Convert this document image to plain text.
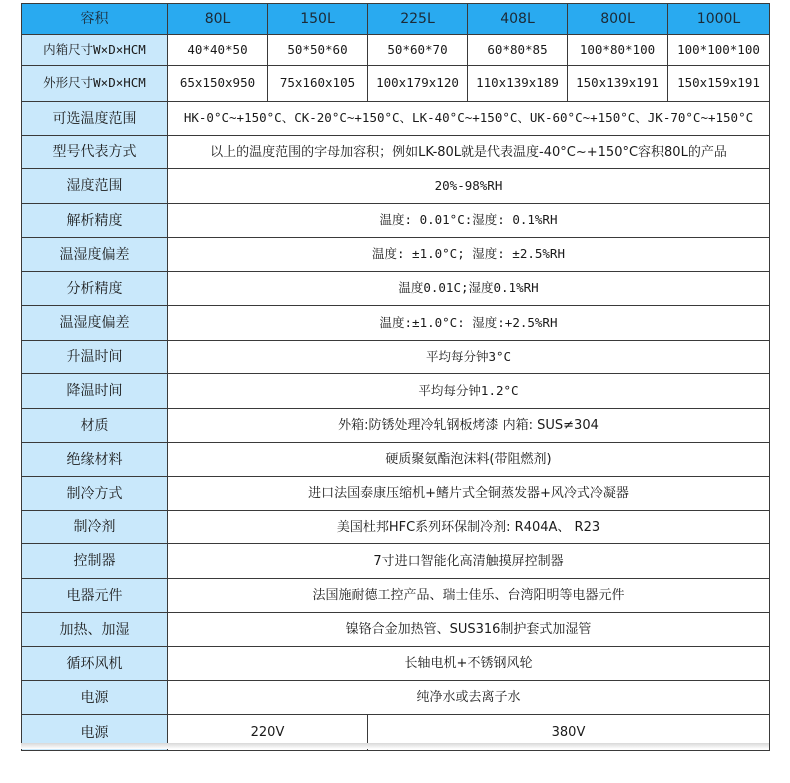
容积	80L	150L	225L	408L	800L	1000L
内箱尺寸W×D×HCM	40*40*50	50*50*60	50*60*70	60*80*85	100*80*100	100*100*100
外形尺寸W×D×HCM	65x150x950	75x160x105	100x179x120	110x139x189	150x139x191	150x159x191
可选温度范围	HK-0°C~+150°C、CK-20°C~+150°C、LK-40°C~+150°C、UK-60°C~+150°C、JK-70°C~+150°C					
型号代表方式	以上的温度范围的字母加容积；例如LK-80L就是代表温度-40°C~+150°C容积80L的产品					
湿度范围	20%-98%RH					
解析精度	温度: 0.01°C:湿度: 0.1%RH					
温湿度偏差	温度: ±1.0°C; 湿度: ±2.5%RH					
分析精度	温度0.01C;湿度0.1%RH					
温湿度偏差	温度:±1.0°C: 湿度:+2.5%RH					
升温时间	平均每分钟3°C					
降温时间	平均每分钟1.2°C					
材质	外箱:防锈处理冷轧钢板烤漆 内箱: SUS≠304					
绝缘材料	硬质聚氨酯泡沫料(带阻燃剂)					
制冷方式	进口法国泰康压缩机+鳍片式全铜蒸发器+风冷式冷凝器					
制冷剂	美国杜邦HFC系列环保制冷剂: R404A、 R23					
控制器	7寸进口智能化高清触摸屏控制器					
电器元件	法国施耐德工控产品、瑞士佳乐、台湾阳明等电器元件					
加热、加湿	镍铬合金加热管、SUS316制护套式加湿管					
循环风机	长轴电机+不锈钢风轮					
电源	纯净水或去离子水					
电源	220V		380V			
